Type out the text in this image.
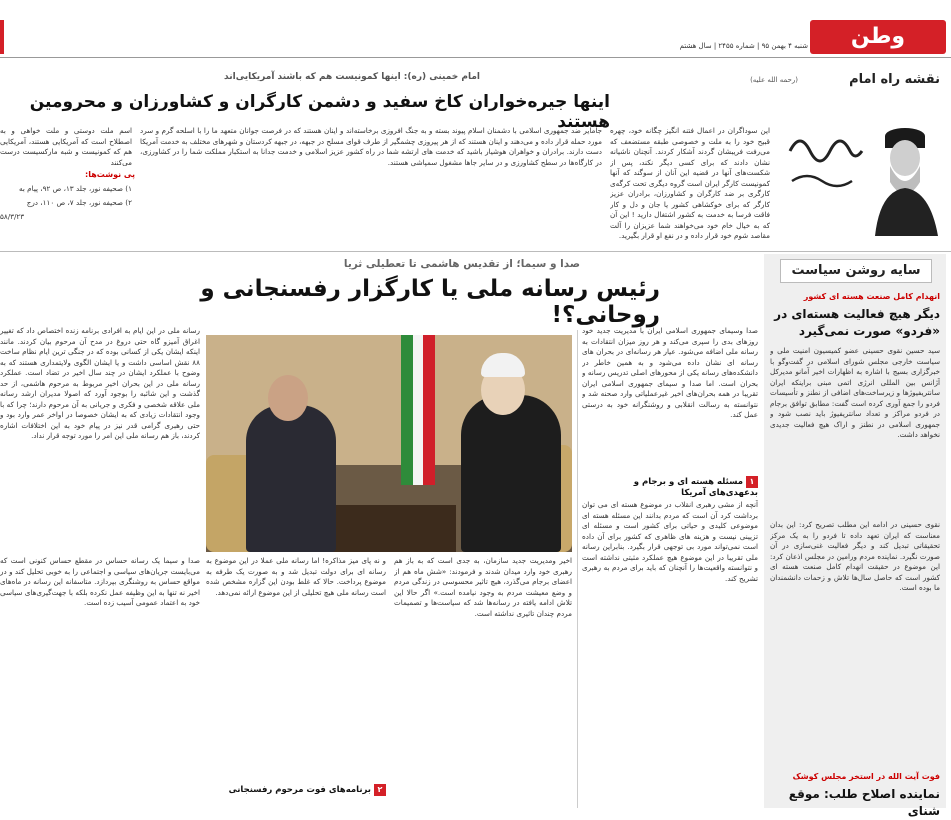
وطن
شنبه ۴ بهمن ۹۵ | شماره ۲۴۵۵ | سال هشتم
نقشه راه امام
(رحمه الله علیه)
امام خمینی (ره): اینها کمونیست هم که باشند آمریکایی‌اند
اینها جیره‌خواران کاخ سفید و دشمن کارگران و کشاورزان و محرومین هستند این سوداگران در اعمال فتنه انگیز چگانه خود، چهره قبیح خود را به ملت و خصوصی طبقه مستضعف که می‌رفت فریبشان گردند آشکار کردند. آنچنان ناشیانه نشان دادند که برای کسی دیگر نکند، پس از شکست‌های آنها در قضیه این آنان از سوگند که آنها کمونیست کارگر ایران است گروه دیگری تحت کرگه‌ی کارگری بر ضد کارگران و کشاورزان، برادران عزیز کارگر که برای خوکشاهی کشور یا جان و دل و کار فاقت فرسا به خدمت به کشور اشتغال دارید ! این آن که به خیال خام خود می‌خواهند شما عزیزان را آلت مقاصد شوم خود قرار داده و در نفع او قرار بگیرید.
جامایر ضد جمهوری اسلامی با دشمنان اسلام پیوند بسته و به جنگ افروزی برخاسته‌اند و اینان هستند که در فرصت جوانان متعهد ما را با اسلحه گرم و سرد مورد حمله قرار داده و می‌دهند و اینان هستند که از هر پیروزی چشمگیر از طرف قوای مسلح در جبهه، در جبهه کردستان و شهرهای مختلف به خدمت آمریکا دست دارند. برادران و خواهران هوشیار باشید که خدمت های ارتشه شما در راه کشور عزیز اسلامی و خدمت جدانا به استکبار مملکت شما را در کشاورزی، در کارگاه‌ها در سطح کشاورزی و در سایر جاها مشغول سمپاشی هستند.
اسم ملت دوستی و ملت خواهی و به اصطلاح است که آمریکایی هستند، آمریکایی هم که کمونیست و شبه مارکسیست درست می‌کنند
پی نوشت‌ها:
۱) صحیفه نور، جلد ۱۳، ص ۹۲، پیام به
۲) صحیفه نور، جلد ۷، ص ۱۱۰، درج
۵۸/۳/۲۳
سایه روشن سیاست
انهدام کامل صنعت هسته ای کشور
دیگر هیچ فعالیت هسته‌ای در «فردو» صورت نمی‌گیرد
سید حسین نقوی حسینی عضو کمیسیون امنیت ملی و سیاست خارجی مجلس شورای اسلامی در گفت‌وگو با خبرگزاری بسیج با اشاره به اظهارات اخیر آمانو مدیرکل آژانس بین المللی انرژی اتمی مبنی براینکه ایران سانتریفیوژها و زیرساخت‌های اضافی از نطنز و تأسیسات فردو را جمع آوری کرده است گفت: مطابق توافق برجام در فردو مراکز و تعداد سانتریفیوژ باید نصب شود و جمهوری اسلامی در نطنز و اراک هیچ فعالیت جدیدی نخواهد داشت.
نقوی حسینی در ادامه این مطلب تصریح کرد: این بدان معناست که ایران تعهد داده تا فردو را به یک مرکز تحقیقاتی تبدیل کند و دیگر فعالیت غنی‌سازی در آن صورت نگیرد. نماینده مردم ورامین در مجلس اذعان کرد: این موضوع در حقیقت انهدام کامل صنعت هسته ای کشور است که حاصل سال‌ها تلاش و زحمات دانشمندان ما بوده است.
فوت آیت الله در استخر مجلس کوشک
نماینده اصلاح طلب: موقع شنای
صدا و سیما؛ از تقدیس هاشمی تا تعطیلی ثریا
رئیس رسانه ملی یا کارگزار رفسنجانی و روحانی؟!
صدا وسیمای جمهوری اسلامی ایران با مدیریت جدید خود روزهای بدی را سپری می‌کند و هر روز میزان انتقادات به رسانه ملی اضافه می‌شود. عیار هر رسانه‌ای در بحران های رسانه ای نشان داده می‌شود و به همین خاطر در دانشکده‌های رسانه یکی از محورهای اصلی تدریس رسانه و بحران است. اما صدا و سیمای جمهوری اسلامی ایران تقریبا در همه بحران‌های اخیر غیرعملیاتی وارد صحنه شد و نتوانسته به رسالت انقلابی و روشنگرانه خود به درستی عمل کند.
۱مسئله هسته ای و برجام و بدعهدی‌های آمریکا
آنچه از مشی رهبری انقلاب در موضوع هسته ای می توان برداشت کرد آن است که مردم بدانند این مسئله هسته ای موضوعی کلیدی و حیاتی برای کشور است و مسئله ای تزیینی نیست و هزینه های ظاهری که کشور برای آن داده است نمی‌تواند مورد بی توجهی قرار بگیرد. بنابراین رسانه ملی تقریبا در این موضوع هیچ عملکرد مثبتی نداشته است و نتوانسته واقعیت‌ها را آنچنان که باید برای مردم به رهبری تشریح کند.
اخیر ومدیریت جدید سازمان، به جدی است که به باز هم رهبری خود وارد میدان شدند و فرمودند: «شش ماه هم از اعضای برجام می‌گذرد، هیچ تاثیر محسوسی در زندگی مردم و وضع معیشت مردم به وجود نیامده است.» اگر حالا این تلاش ادامه یافته در رسانه‌ها شد که سیاست‌ها و تصمیمات مردم چندان تاثیری نداشته است.
و نه پای میز مذاکره! اما رسانه ملی عملا در این موضوع به رسانه ای برای دولت تبدیل شد و به صورت یک طرفه به موضوع پرداخت. حالا که غلط بودن این گزاره مشخص شده است رسانه ملی هیچ تحلیلی از این موضوع ارائه نمی‌دهد.
۲برنامه‌های فوت مرحوم رفسنجانی
رسانه ملی در این ایام به افرادی برنامه زنده اختصاص داد که تغییر اغراق آمیزو گاه حتی دروغ در مدح آن مرحوم بیان کردند. مانند اینکه ایشان یکی از کسانی بوده که در جنگی ترین ایام نظام ساخت ۸۸ نقش اساسی داشت و یا ایشان الگوی ولایتمداری هستند که به وضوح با عملکرد ایشان در چند سال اخیر در تضاد است. عملکرد رسانه ملی در این بحران اخیر مربوط به مرحوم هاشمی، از حد گذشت و این شائبه را بوجود آورد که اصولا مدیران ارشد رسانه ملی علاقه شخصی و فکری و جریانی به آن مرحوم دارند؛ چرا که با وجود انتقادات زیادی که به ایشان خصوصا در اواخر عمر وارد بود و حتی رهبری گرامی قدر نیز در پیام خود به این اختلافات اشاره کردند، باز هم رسانه ملی این امر را مورد توجه قرار نداد.
صدا و سیما یک رسانه حساس در مقطع حساس کنونی است که می‌بایست جریان‌های سیاسی و اجتماعی را به خوبی تحلیل کند و در مواقع حساس به روشنگری بپردازد. متاسفانه این رسانه در ماه‌های اخیر نه تنها به این وظیفه عمل نکرده بلکه با جهت‌گیری‌های سیاسی خود به اعتماد عمومی آسیب زده است.
